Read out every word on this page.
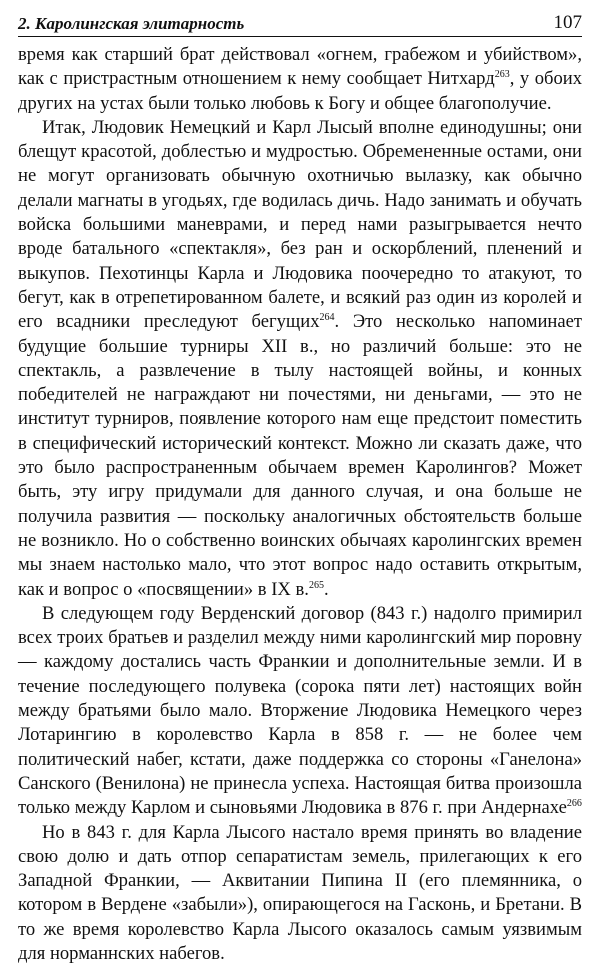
2. Каролингская элитарность	107

время как старший брат действовал «огнем, грабежом и убийством», как с пристрастным отношением к нему сообщает Нитхард$^{263}$, у обоих других на устах были только любовь к Богу и общее благополучие.

Итак, Людовик Немецкий и Карл Лысый вполне единодушны; они блещут красотой, доблестью и мудростью. Обремененные остами, они не могут организовать обычную охотничью вылазку, как обычно делали магнаты в угодьях, где водилась дичь. Надо занимать и обучать войска большими маневрами, и перед нами разыгрывается нечто вроде батального «спектакля», без ран и оскорблений, пленений и выкупов. Пехотинцы Карла и Людовика поочередно то атакуют, то бегут, как в отрепетированном балете, и всякий раз один из королей и его всадники преследуют бегущих$^{264}$. Это несколько напоминает будущие большие турниры XII в., но различий больше: это не спектакль, а развлечение в тылу настоящей войны, и конных победителей не награждают ни почестями, ни деньгами, — это не институт турниров, появление которого нам еще предстоит поместить в специфический исторический контекст. Можно ли сказать даже, что это было распространенным обычаем времен Каролингов? Может быть, эту игру придумали для данного случая, и она больше не получила развития — поскольку аналогичных обстоятельств больше не возникло. Но о собственно воинских обычаях каролингских времен мы знаем настолько мало, что этот вопрос надо оставить открытым, как и вопрос о «посвящении» в IX в.$^{265}$.

В следующем году Верденский договор (843 г.) надолго примирил всех троих братьев и разделил между ними каролингский мир поровну — каждому достались часть Франкии и дополнительные земли. И в течение последующего полувека (сорока пяти лет) настоящих войн между братьями было мало. Вторжение Людовика Немецкого через Лотарингию в королевство Карла в 858 г. — не более чем политический набег, кстати, даже поддержка со стороны «Ганелона» Санского (Венилона) не принесла успеха. Настоящая битва произошла только между Карлом и сыновьями Людовика в 876 г. при Андернахе$^{266}$

Но в 843 г. для Карла Лысого настало время принять во владение свою долю и дать отпор сепаратистам земель, прилегающих к его Западной Франкии, — Аквитании Пипина II (его племянника, о котором в Вердене «забыли»), опирающегося на Гасконь, и Бретани. В то же время королевство Карла Лысого оказалось самым уязвимым для норманнских набегов.
